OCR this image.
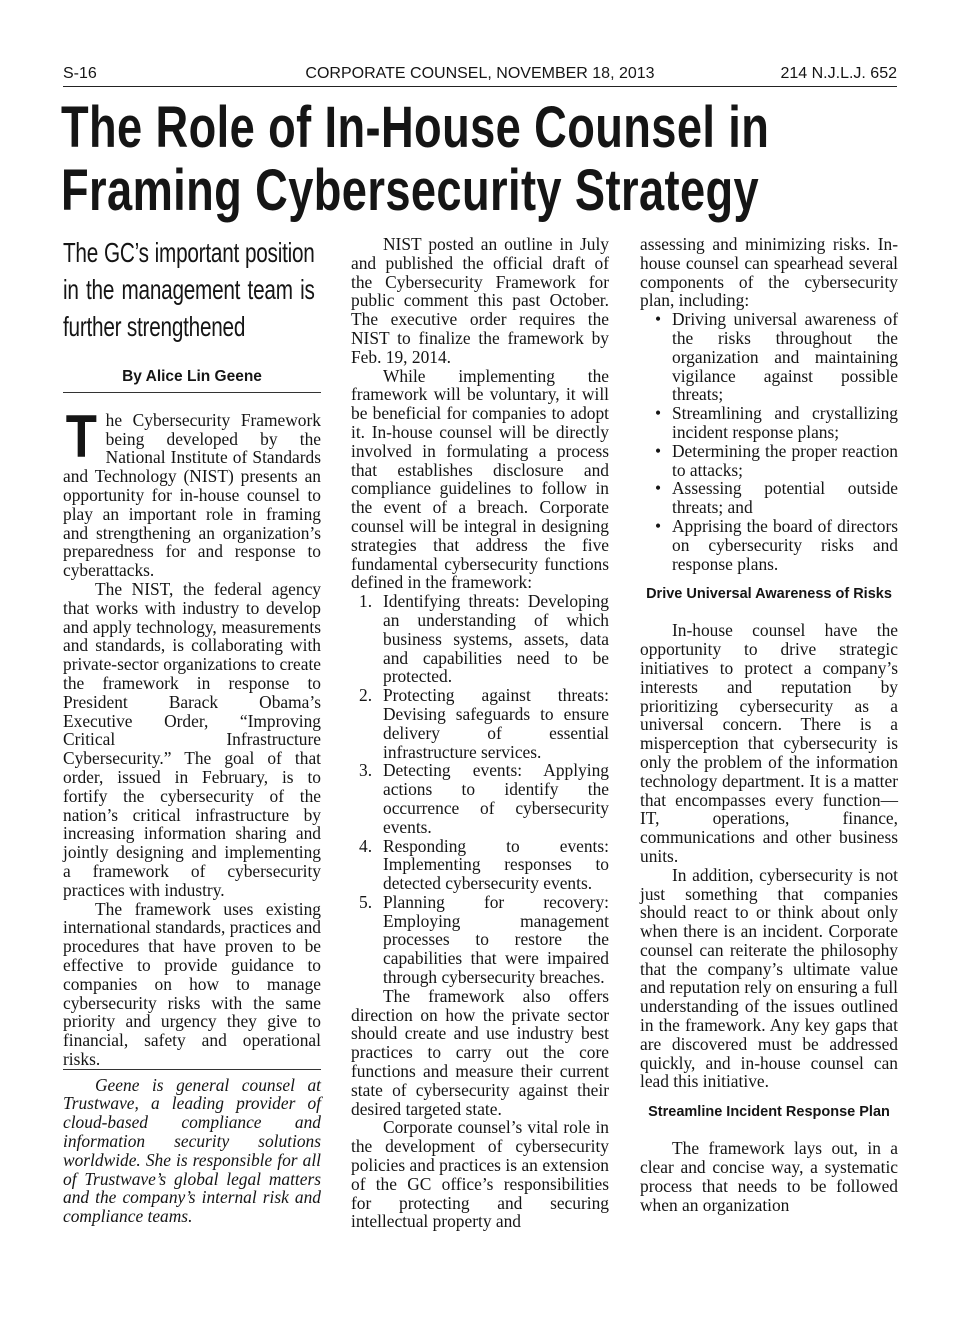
S-16	CORPORATE COUNSEL, NOVEMBER 18, 2013	214 N.J.L.J. 652
The Role of In-House Counsel in
Framing Cybersecurity Strategy
The GC’s important position in the management team is further strengthened
By Alice Lin Geene

The Cybersecurity Framework being developed by the National Institute of Standards and Technology (NIST) presents an opportunity for in-house counsel to play an important role in framing and strengthening an organization’s preparedness for and response to cyberattacks.

The NIST, the federal agency that works with industry to develop and apply technology, measurements and standards, is collaborating with private-sector organizations to create the framework in response to President Barack Obama’s Executive Order, “Improving Critical Infrastructure Cybersecurity.” The goal of that order, issued in February, is to fortify the cybersecurity of the nation’s critical infrastructure by increasing information sharing and jointly designing and implementing a framework of cybersecurity practices with industry.

The framework uses existing international standards, practices and procedures that have proven to be effective to provide guidance to companies on how to manage cybersecurity risks with the same priority and urgency they give to financial, safety and operational risks.

Geene is general counsel at Trustwave, a leading provider of cloud-based compliance and information security solutions worldwide. She is responsible for all of Trustwave’s global legal matters and the company’s internal risk and compliance teams.

NIST posted an outline in July and published the official draft of the Cybersecurity Framework for public comment this past October. The executive order requires the NIST to finalize the framework by Feb. 19, 2014.

While implementing the framework will be voluntary, it will be beneficial for companies to adopt it. In-house counsel will be directly involved in formulating a process that establishes disclosure and compliance guidelines to follow in the event of a breach. Corporate counsel will be integral in designing strategies that address the five fundamental cybersecurity functions defined in the framework:

1. Identifying threats: Developing an understanding of which business systems, assets, data and capabilities need to be protected.
2. Protecting against threats: Devising safeguards to ensure delivery of essential infrastructure services.
3. Detecting events: Applying actions to identify the occurrence of cybersecurity events.
4. Responding to events: Implementing responses to detected cybersecurity events.
5. Planning for recovery: Employing management processes to restore the capabilities that were impaired through cybersecurity breaches.

The framework also offers direction on how the private sector should create and use industry best practices to carry out the core functions and measure their current state of cybersecurity against their desired targeted state.

Corporate counsel’s vital role in the development of cybersecurity policies and practices is an extension of the GC office’s responsibilities for protecting and securing intellectual property and

assessing and minimizing risks. In-house counsel can spearhead several components of the cybersecurity plan, including:

• Driving universal awareness of the risks throughout the organization and maintaining vigilance against possible threats;
• Streamlining and crystallizing incident response plans;
• Determining the proper reaction to attacks;
• Assessing potential outside threats; and
• Apprising the board of directors on cybersecurity risks and response plans.
Drive Universal Awareness of Risks

In-house counsel have the opportunity to drive strategic initiatives to protect a company’s interests and reputation by prioritizing cybersecurity as a universal concern. There is a misperception that cybersecurity is only the problem of the information technology department. It is a matter that encompasses every function—IT, operations, finance, communications and other business units.

In addition, cybersecurity is not just something that companies should react to or think about only when there is an incident. Corporate counsel can reiterate the philosophy that the company’s ultimate value and reputation rely on ensuring a full understanding of the issues outlined in the framework. Any key gaps that are discovered must be addressed quickly, and in-house counsel can lead this initiative.

Streamline Incident Response Plan

The framework lays out, in a clear and concise way, a systematic process that needs to be followed when an organization
